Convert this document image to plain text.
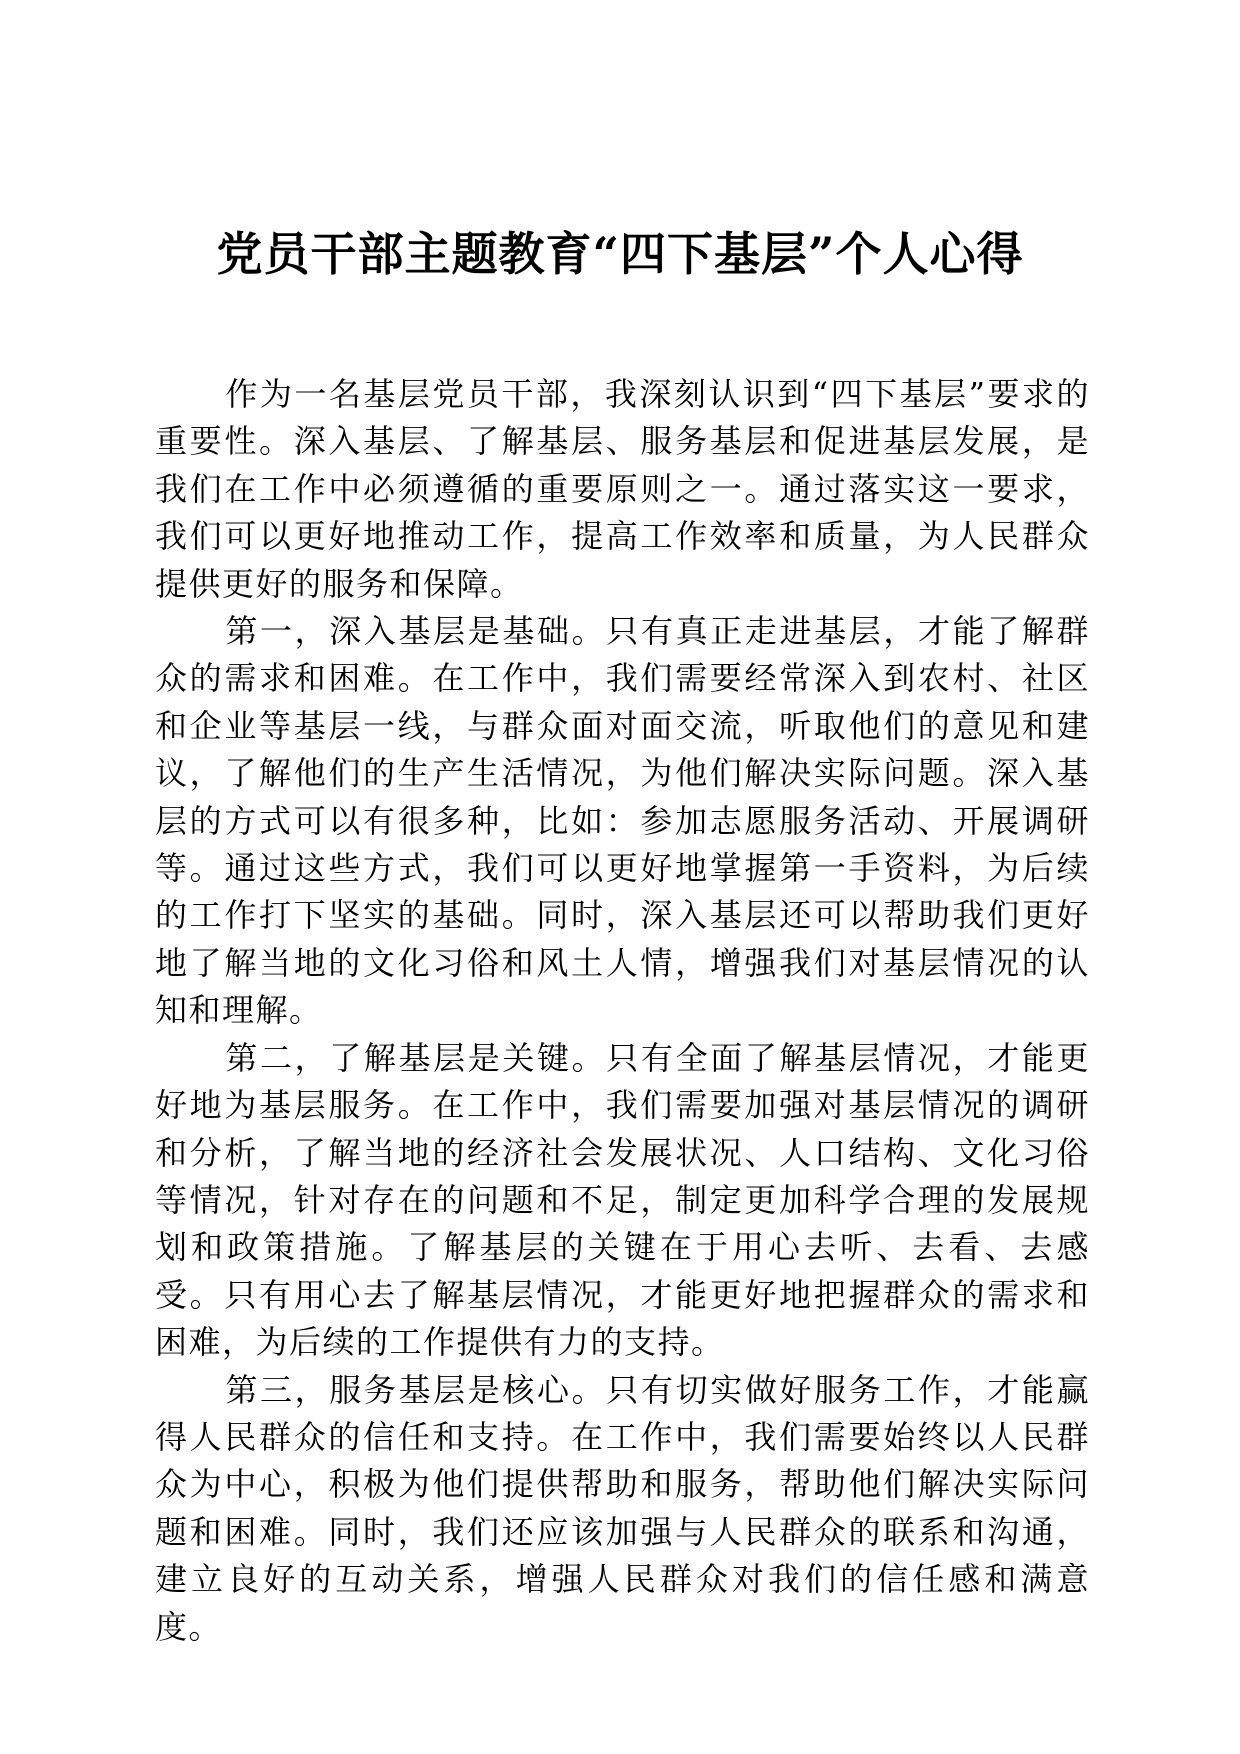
党员干部主题教育“四下基层”个人心得

作为一名基层党员干部，我深刻认识到“四下基层”要求的重要性。深入基层、了解基层、服务基层和促进基层发展，是我们在工作中必须遵循的重要原则之一。通过落实这一要求，我们可以更好地推动工作，提高工作效率和质量，为人民群众提供更好的服务和保障。

第一，深入基层是基础。只有真正走进基层，才能了解群众的需求和困难。在工作中，我们需要经常深入到农村、社区和企业等基层一线，与群众面对面交流，听取他们的意见和建议，了解他们的生产生活情况，为他们解决实际问题。深入基层的方式可以有很多种，比如：参加志愿服务活动、开展调研等。通过这些方式，我们可以更好地掌握第一手资料，为后续的工作打下坚实的基础。同时，深入基层还可以帮助我们更好地了解当地的文化习俗和风土人情，增强我们对基层情况的认知和理解。

第二，了解基层是关键。只有全面了解基层情况，才能更好地为基层服务。在工作中，我们需要加强对基层情况的调研和分析，了解当地的经济社会发展状况、人口结构、文化习俗等情况，针对存在的问题和不足，制定更加科学合理的发展规划和政策措施。了解基层的关键在于用心去听、去看、去感受。只有用心去了解基层情况，才能更好地把握群众的需求和困难，为后续的工作提供有力的支持。

第三，服务基层是核心。只有切实做好服务工作，才能赢得人民群众的信任和支持。在工作中，我们需要始终以人民群众为中心，积极为他们提供帮助和服务，帮助他们解决实际问题和困难。同时，我们还应该加强与人民群众的联系和沟通，建立良好的互动关系，增强人民群众对我们的信任感和满意度。
